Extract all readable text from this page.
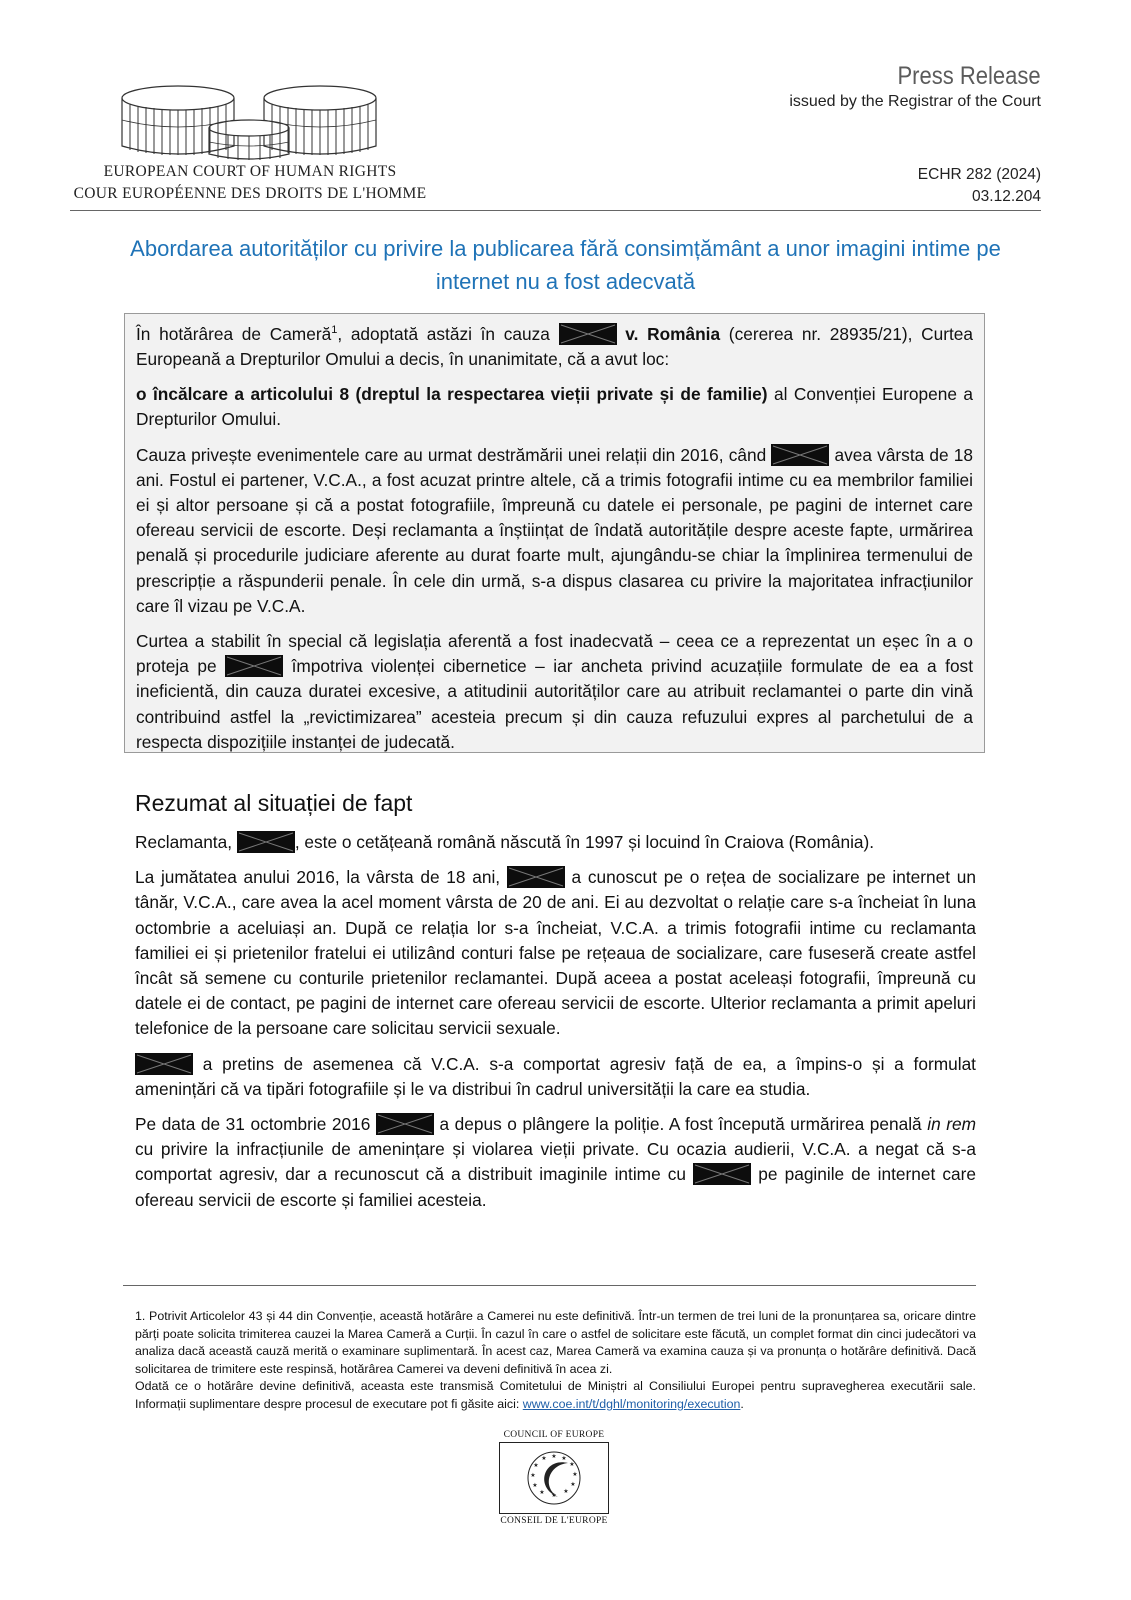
EUROPEAN COURT OF HUMAN RIGHTS
COUR EUROPÉENNE DES DROITS DE L'HOMME
Press Release
issued by the Registrar of the Court
ECHR 282 (2024)
03.12.204
Abordarea autorităților cu privire la publicarea fără consimțământ a unor imagini intime pe internet nu a fost adecvată

În hotărârea de Cameră$^1$, adoptată astăzi în cauza	v. România (cererea nr. 28935/21), Curtea Europeană a Drepturilor Omului a decis, în unanimitate, că a avut loc:

o încălcare a articolului 8 (dreptul la respectarea vieții private și de familie) al Convenției Europene a Drepturilor Omului.

Cauza privește evenimentele care au urmat destrămării unei relații din 2016, când	avea vârsta de 18 ani. Fostul ei partener, V.C.A., a fost acuzat printre altele, că a trimis fotografii intime cu ea membrilor familiei ei și altor persoane și că a postat fotografiile, împreună cu datele ei personale, pe pagini de internet care ofereau servicii de escorte. Deși reclamanta a înștiințat de îndată autoritățile despre aceste fapte, urmărirea penală și procedurile judiciare aferente au durat foarte mult, ajungându-se chiar la împlinirea termenului de prescripție a răspunderii penale. În cele din urmă, s-a dispus clasarea cu privire la majoritatea infracțiunilor care îl vizau pe V.C.A.

Curtea a stabilit în special că legislația aferentă a fost inadecvată – ceea ce a reprezentat un eșec în a o proteja pe	împotriva violenței cibernetice – iar ancheta privind acuzațiile formulate de ea a fost ineficientă, din cauza duratei excesive, a atitudinii autorităților care au atribuit reclamantei o parte din vină contribuind astfel la „revictimizarea” acesteia precum și din cauza refuzului expres al parchetului de a respecta dispozițiile instanței de judecată.

Rezumat al situației de fapt

Reclamanta,	, este o cetățeană română născută în 1997 și locuind în Craiova (România).

La jumătatea anului 2016, la vârsta de 18 ani,	a cunoscut pe o rețea de socializare pe internet un tânăr, V.C.A., care avea la acel moment vârsta de 20 de ani. Ei au dezvoltat o relație care s-a încheiat în luna octombrie a aceluiași an. După ce relația lor s-a încheiat, V.C.A. a trimis fotografii intime cu reclamanta familiei ei și prietenilor fratelui ei utilizând conturi false pe rețeaua de socializare, care fuseseră create astfel încât să semene cu conturile prietenilor reclamantei. După aceea a postat aceleași fotografii, împreună cu datele ei de contact, pe pagini de internet care ofereau servicii de escorte. Ulterior reclamanta a primit apeluri telefonice de la persoane care solicitau servicii sexuale.

a pretins de asemenea că V.C.A. s-a comportat agresiv față de ea, a împins-o și a formulat amenințări că va tipări fotografiile și le va distribui în cadrul universității la care ea studia.

Pe data de 31 octombrie 2016	a depus o plângere la poliție. A fost începută urmărirea penală in rem cu privire la infracțiunile de amenințare și violarea vieții private. Cu ocazia audierii, V.C.A. a negat că s-a comportat agresiv, dar a recunoscut că a distribuit imaginile intime cu	pe paginile de internet care ofereau servicii de escorte și familiei acesteia.

1. Potrivit Articolelor 43 și 44 din Convenție, această hotărâre a Camerei nu este definitivă. Într-un termen de trei luni de la pronunțarea sa, oricare dintre părți poate solicita trimiterea cauzei la Marea Cameră a Curții. În cazul în care o astfel de solicitare este făcută, un complet format din cinci judecători va analiza dacă această cauză merită o examinare suplimentară. În acest caz, Marea Cameră va examina cauza și va pronunța o hotărâre definitivă. Dacă solicitarea de trimitere este respinsă, hotărârea Camerei va deveni definitivă în acea zi.
Odată ce o hotărâre devine definitivă, aceasta este transmisă Comitetului de Miniștri al Consiliului Europei pentru supravegherea executării sale. Informații suplimentare despre procesul de executare pot fi găsite aici: www.coe.int/t/dghl/monitoring/execution.
COUNCIL OF EUROPE
★ ★
★
★
★
★
★
★
★
★
★
★
CONSEIL DE L'EUROPE
